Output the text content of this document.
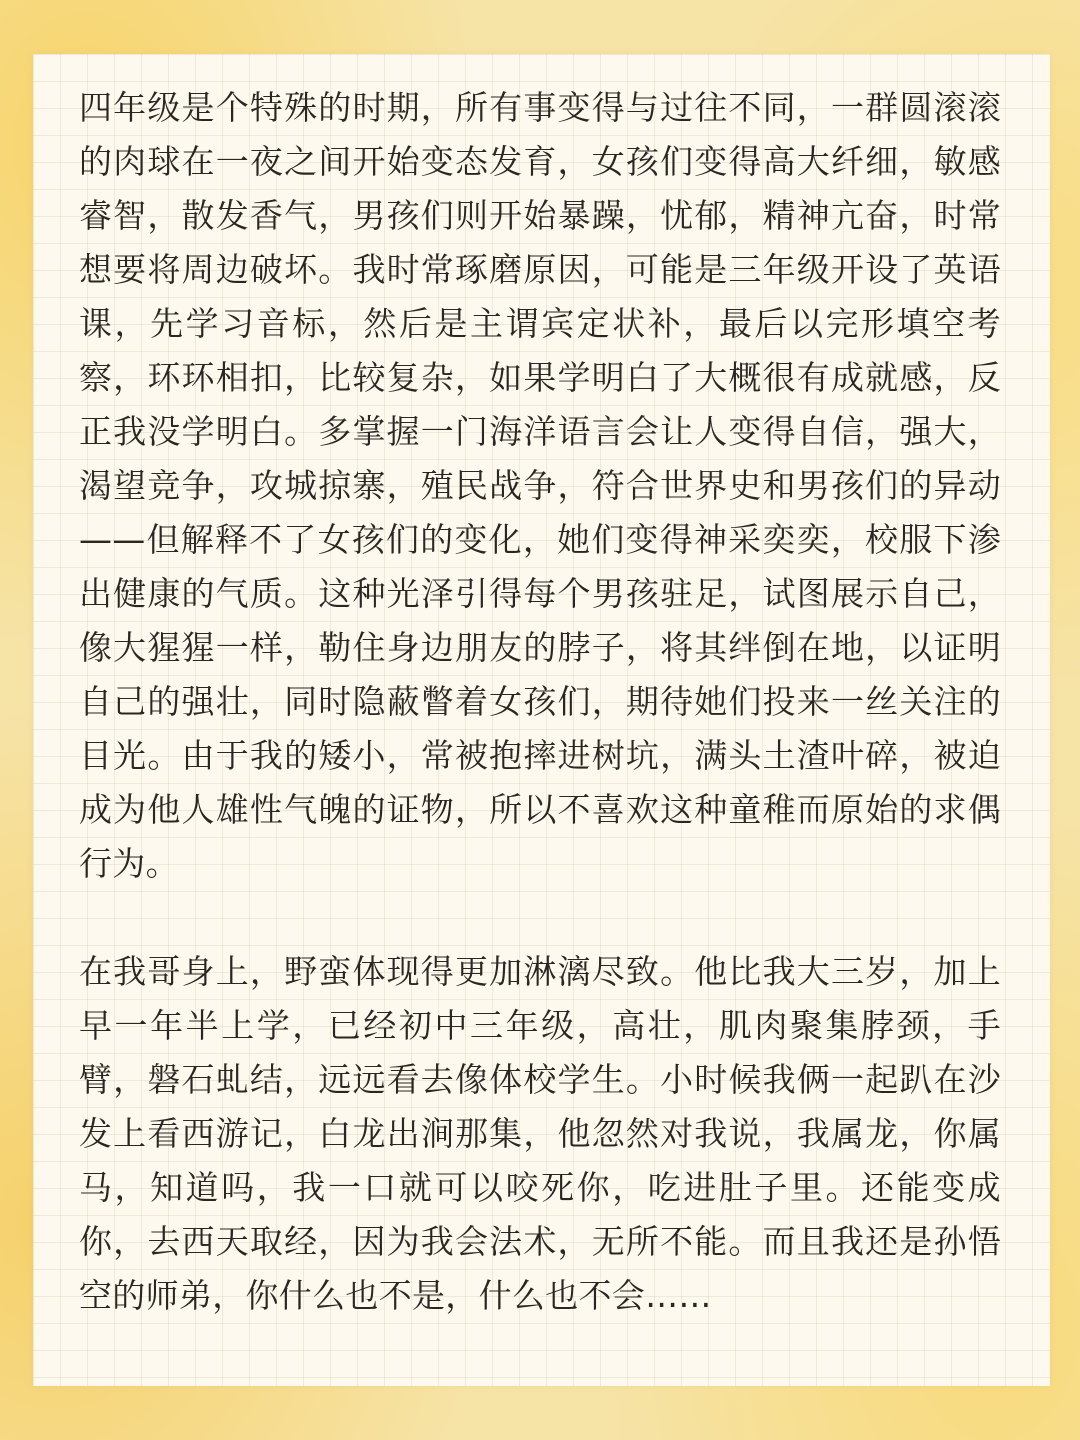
四年级是个特殊的时期，所有事变得与过往不同，一群圆滚滚的肉球在一夜之间开始变态发育，女孩们变得高大纤细，敏感睿智，散发香气，男孩们则开始暴躁，忧郁，精神亢奋，时常想要将周边破坏。我时常琢磨原因，可能是三年级开设了英语课，先学习音标，然后是主谓宾定状补，最后以完形填空考察，环环相扣，比较复杂，如果学明白了大概很有成就感，反正我没学明白。多掌握一门海洋语言会让人变得自信，强大，渴望竞争，攻城掠寨，殖民战争，符合世界史和男孩们的异动——但解释不了女孩们的变化，她们变得神采奕奕，校服下渗出健康的气质。这种光泽引得每个男孩驻足，试图展示自己，像大猩猩一样，勒住身边朋友的脖子，将其绊倒在地，以证明自己的强壮，同时隐蔽瞥着女孩们，期待她们投来一丝关注的目光。由于我的矮小，常被抱摔进树坑，满头土渣叶碎，被迫成为他人雄性气魄的证物，所以不喜欢这种童稚而原始的求偶行为。

在我哥身上，野蛮体现得更加淋漓尽致。他比我大三岁，加上早一年半上学，已经初中三年级，高壮，肌肉聚集脖颈，手臂，磐石虬结，远远看去像体校学生。小时候我俩一起趴在沙发上看西游记，白龙出涧那集，他忽然对我说，我属龙，你属马，知道吗，我一口就可以咬死你，吃进肚子里。还能变成你，去西天取经，因为我会法术，无所不能。而且我还是孙悟空的师弟，你什么也不是，什么也不会……
